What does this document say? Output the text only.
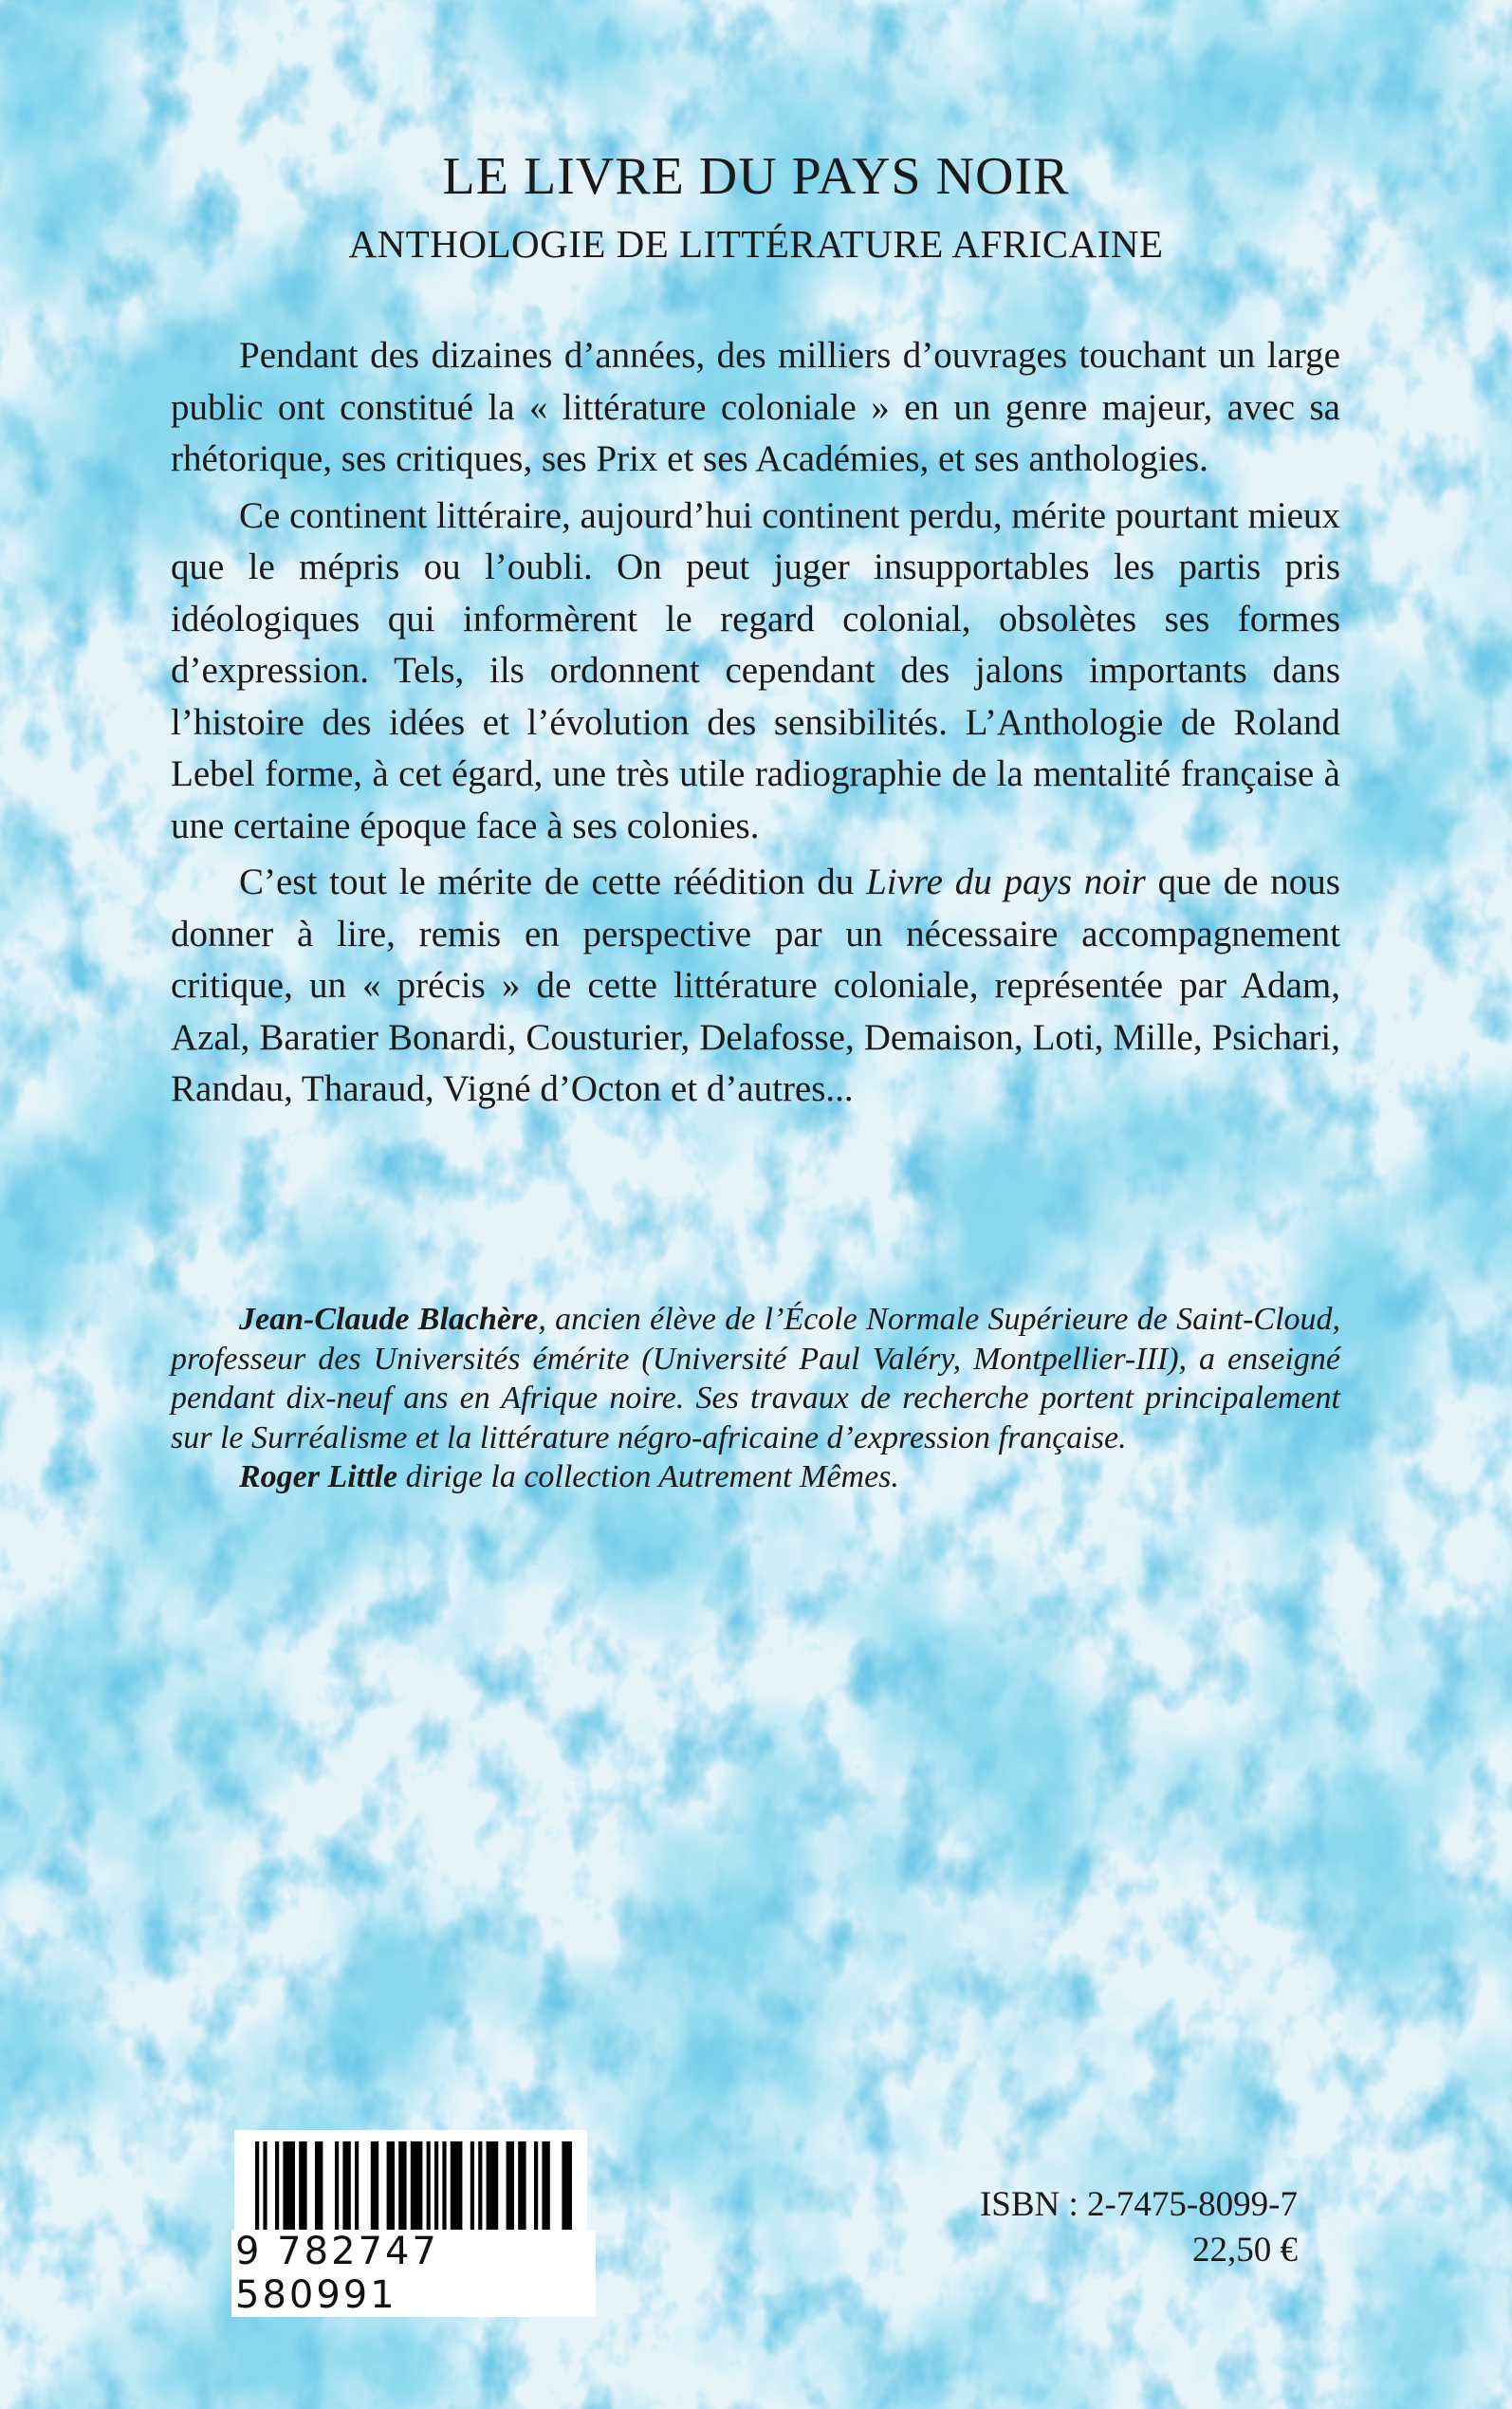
LE LIVRE DU PAYS NOIR
ANTHOLOGIE DE LITTÉRATURE AFRICAINE

Pendant des dizaines d’années, des milliers d’ouvrages touchant un large public ont constitué la « littérature coloniale » en un genre majeur, avec sa rhétorique, ses critiques, ses Prix et ses Académies, et ses anthologies.

Ce continent littéraire, aujourd’hui continent perdu, mérite pourtant mieux que le mépris ou l’oubli. On peut juger insupportables les partis pris idéologiques qui informèrent le regard colonial, obsolètes ses formes d’expression. Tels, ils ordonnent cependant des jalons importants dans l’histoire des idées et l’évolution des sensibilités. L’Anthologie de Roland Lebel forme, à cet égard, une très utile radiographie de la mentalité française à une certaine époque face à ses colonies.

C’est tout le mérite de cette réédition du Livre du pays noir que de nous donner à lire, remis en perspective par un nécessaire accompagnement critique, un « précis » de cette littérature coloniale, représentée par Adam, Azal, Baratier Bonardi, Cousturier, Delafosse, Demaison, Loti, Mille, Psichari, Randau, Tharaud, Vigné d’Octon et d’autres...

Jean-Claude Blachère, ancien élève de l’École Normale Supérieure de Saint-Cloud, professeur des Universités émérite (Université Paul Valéry, Montpellier-III), a enseigné pendant dix-neuf ans en Afrique noire. Ses travaux de recherche portent principalement sur le Surréalisme et la littérature négro-africaine d’expression française.

Roger Little dirige la collection Autrement Mêmes.

9 782747 580991
ISBN : 2-7475-8099-7
22,50 €
